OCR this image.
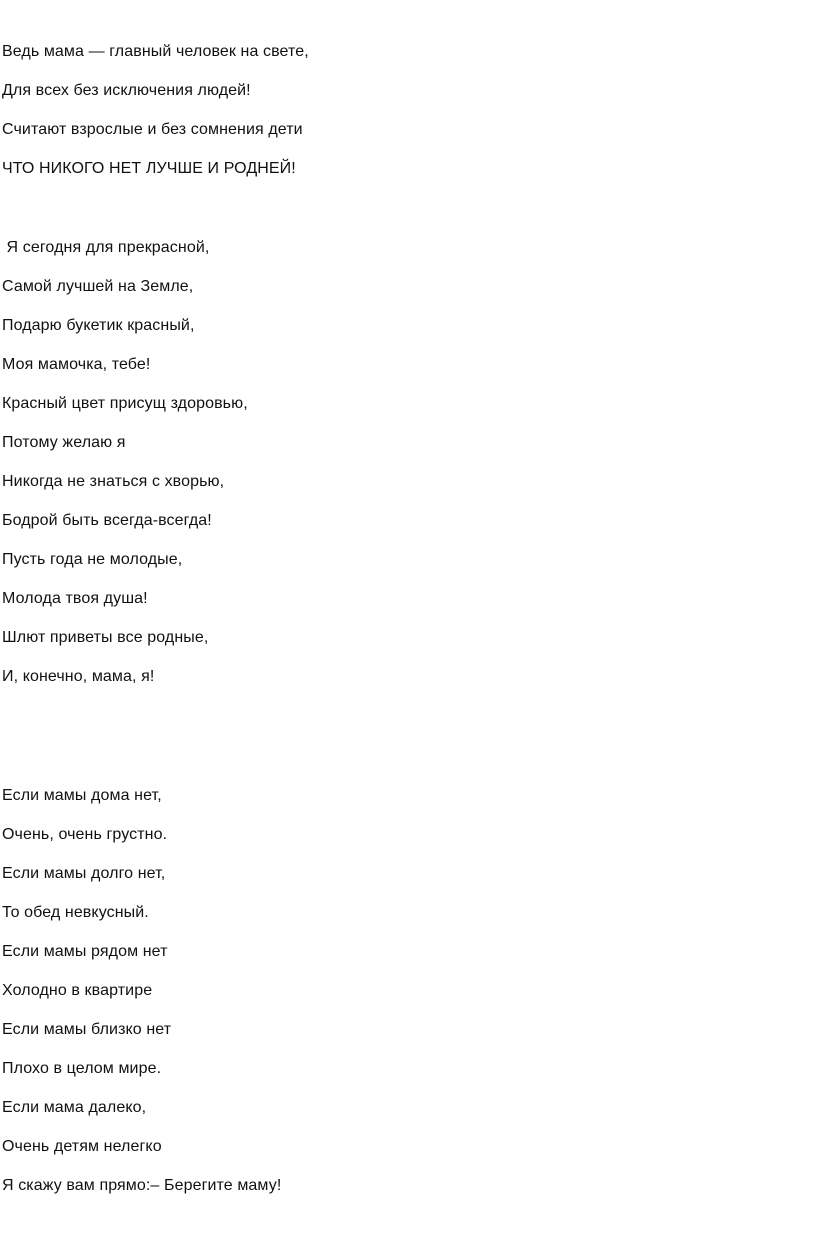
Ведь мама — главный человек на свете,
Для всех без исключения людей!
Считают взрослые и без сомнения дети
ЧТО НИКОГО НЕТ ЛУЧШЕ И РОДНЕЙ!
Я сегодня для прекрасной,
Самой лучшей на Земле,
Подарю букетик красный,
Моя мамочка, тебе!
Красный цвет присущ здоровью,
Потому желаю я
Никогда не знаться с хворью,
Бодрой быть всегда-всегда!
Пусть года не молодые,
Молода твоя душа!
Шлют приветы все родные,
И, конечно, мама, я!
Если мамы дома нет,
Очень, очень грустно.
Если мамы долго нет,
То обед невкусный.
Если мамы рядом нет
Холодно в квартире
Если мамы близко нет
Плохо в целом мире.
Если мама далеко,
Очень детям нелегко
Я скажу вам прямо:– Берегите маму!
